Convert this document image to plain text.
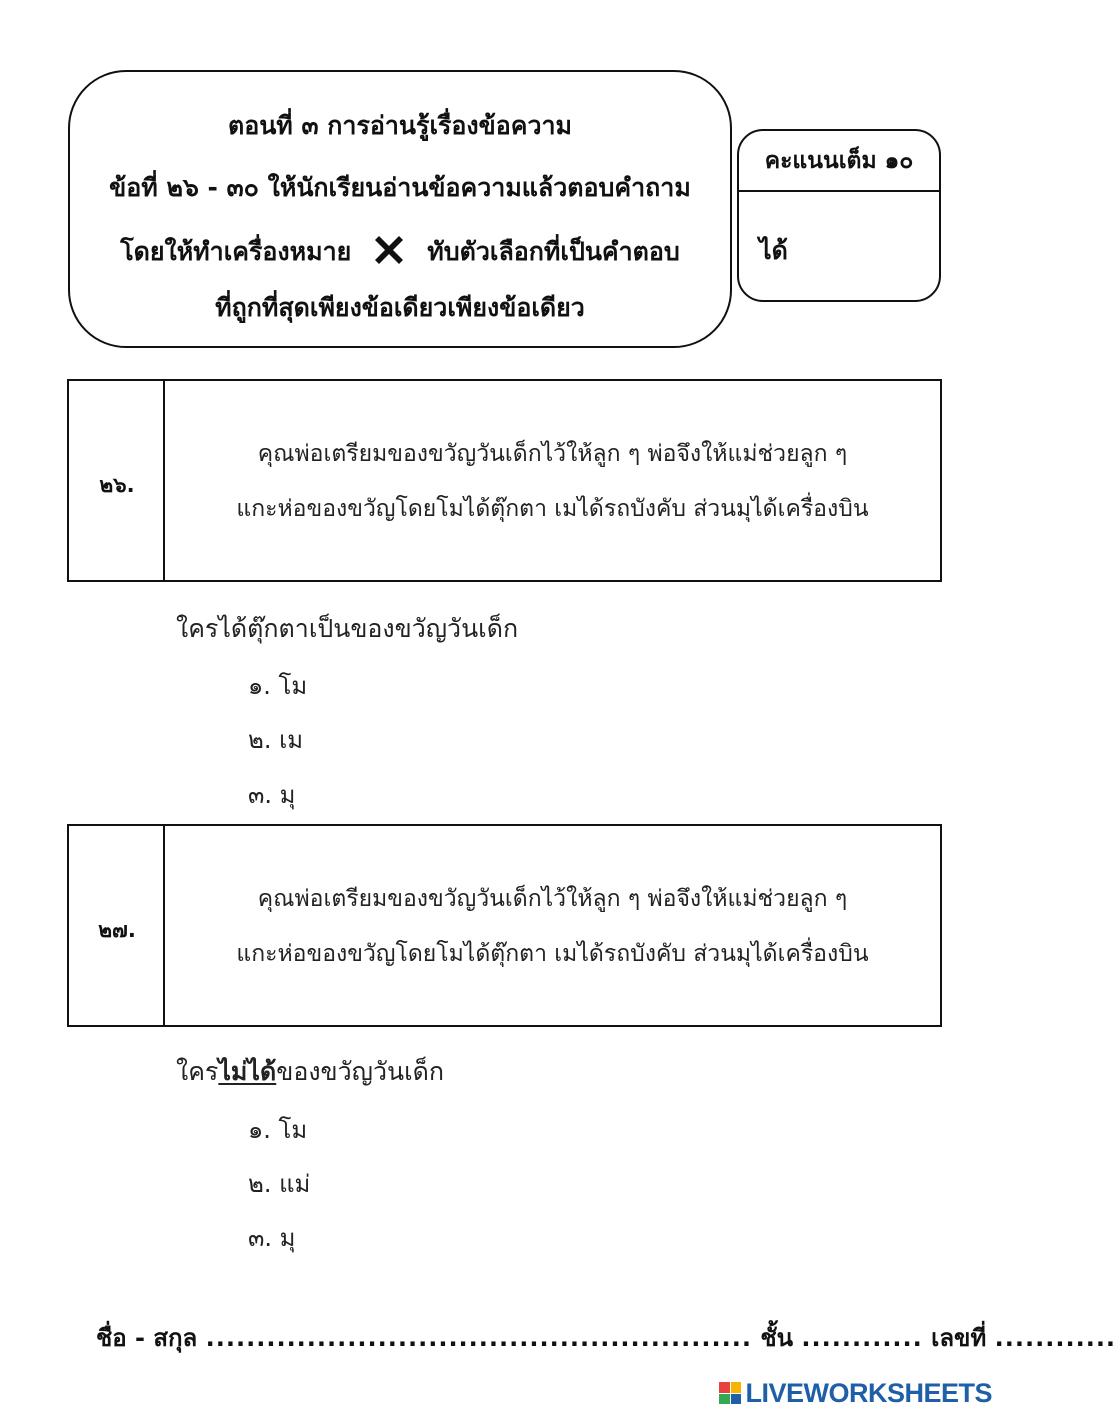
ตอนที่ ๓ การอ่านรู้เรื่องข้อความ
ข้อที่ ๒๖ - ๓๐ ให้นักเรียนอ่านข้อความแล้วตอบคำถาม
โดยให้ทำเครื่องหมาย	ทับตัวเลือกที่เป็นคำตอบ
ที่ถูกที่สุดเพียงข้อเดียวเพียงข้อเดียว
คะแนนเต็ม ๑๐
ได้
๒๖.
คุณพ่อเตรียมของขวัญวันเด็กไว้ให้ลูก ๆ พ่อจึงให้แม่ช่วยลูก ๆ
แกะห่อของขวัญโดยโมได้ตุ๊กตา เมได้รถบังคับ ส่วนมุได้เครื่องบิน
ใครได้ตุ๊กตาเป็นของขวัญวันเด็ก
๑. โม
๒. เม
๓. มุ
๒๗.
คุณพ่อเตรียมของขวัญวันเด็กไว้ให้ลูก ๆ พ่อจึงให้แม่ช่วยลูก ๆ
แกะห่อของขวัญโดยโมได้ตุ๊กตา เมได้รถบังคับ ส่วนมุได้เครื่องบิน
ใครไม่ได้ของขวัญวันเด็ก
๑. โม
๒. แม่
๓. มุ
ชื่อ - สกุล ...................................................... ชั้น ............ เลขที่ ............
LIVEWORKSHEETS
